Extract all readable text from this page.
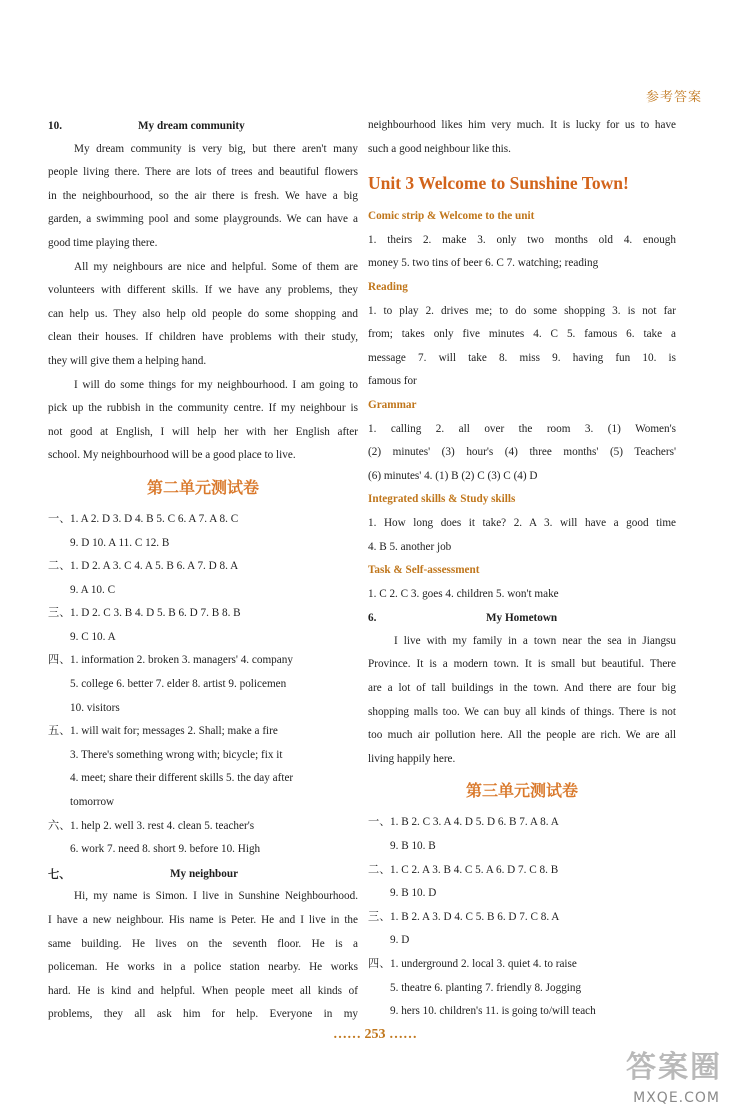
参考答案
10.	My dream community
My dream community is very big, but there aren't many
people living there. There are lots of trees and beautiful flowers
in the neighbourhood, so the air there is fresh. We have a big
garden, a swimming pool and some playgrounds. We can have a
good time playing there.
All my neighbours are nice and helpful. Some of them are
volunteers with different skills. If we have any problems, they
can help us. They also help old people do some shopping and
clean their houses. If children have problems with their study,
they will give them a helping hand.
I will do some things for my neighbourhood. I am going to
pick up the rubbish in the community centre. If my neighbour is
not good at English, I will help her with her English after
school. My neighbourhood will be a good place to live.
第二单元测试卷
一、 1. A 2. D 3. D 4. B 5. C 6. A 7. A 8. C
9. D 10. A 11. C 12. B
二、 1. D 2. A 3. C 4. A 5. B 6. A 7. D 8. A
9. A 10. C
三、 1. D 2. C 3. B 4. D 5. B 6. D 7. B 8. B
9. C 10. A
四、 1. information 2. broken 3. managers' 4. company
5. college 6. better 7. elder 8. artist 9. policemen
10. visitors
五、 1. will wait for; messages 2. Shall; make a fire
3. There's something wrong with; bicycle; fix it
4. meet; share their different skills 5. the day after
tomorrow
六、 1. help 2. well 3. rest 4. clean 5. teacher's
6. work 7. need 8. short 9. before 10. High
七、	My neighbour
Hi, my name is Simon. I live in Sunshine Neighbourhood.
I have a new neighbour. His name is Peter. He and I live in the
same building. He lives on the seventh floor. He is a
policeman. He works in a police station nearby. He works
hard. He is kind and helpful. When people meet all kinds of
problems, they all ask him for help. Everyone in my
neighbourhood likes him very much. It is lucky for us to have
such a good neighbour like this.
Unit 3 Welcome to Sunshine Town!
Comic strip & Welcome to the unit
1. theirs 2. make 3. only two months old 4. enough
money 5. two tins of beer 6. C 7. watching; reading
Reading
1. to play 2. drives me; to do some shopping 3. is not far
from; takes only five minutes 4. C 5. famous 6. take a
message 7. will take 8. miss 9. having fun 10. is
famous for
Grammar
1. calling 2. all over the room 3. (1) Women's
(2) minutes' (3) hour's (4) three months' (5) Teachers'
(6) minutes' 4. (1) B (2) C (3) C (4) D
Integrated skills & Study skills
1. How long does it take? 2. A 3. will have a good time
4. B 5. another job
Task & Self-assessment
1. C 2. C 3. goes 4. children 5. won't make
6.	My Hometown
I live with my family in a town near the sea in Jiangsu
Province. It is a modern town. It is small but beautiful. There
are a lot of tall buildings in the town. And there are four big
shopping malls too. We can buy all kinds of things. There is not
too much air pollution here. All the people are rich. We are all
living happily here.
第三单元测试卷
一、 1. B 2. C 3. A 4. D 5. D 6. B 7. A 8. A
9. B 10. B
二、 1. C 2. A 3. B 4. C 5. A 6. D 7. C 8. B
9. B 10. D
三、 1. B 2. A 3. D 4. C 5. B 6. D 7. C 8. A
9. D
四、 1. underground 2. local 3. quiet 4. to raise
5. theatre 6. planting 7. friendly 8. Jogging
9. hers 10. children's 11. is going to/will teach
…… 253 ……
答案圈
MXQE.COM
